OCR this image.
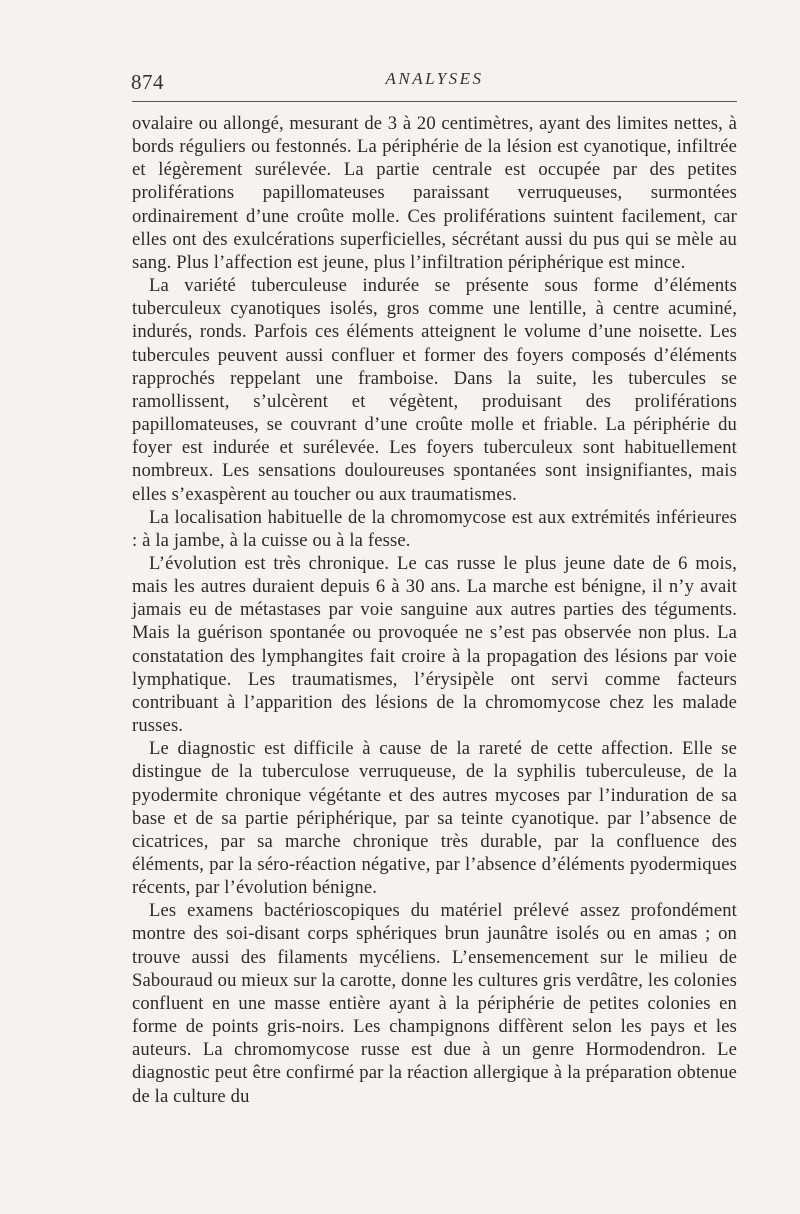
874	ANALYSES

ovalaire ou allongé, mesurant de 3 à 20 centimètres, ayant des limites nettes, à bords réguliers ou festonnés. La périphérie de la lésion est cyanotique, infiltrée et légèrement surélevée. La partie centrale est occupée par des petites proliférations papillomateuses paraissant verruqueuses, surmontées ordinairement d’une croûte molle. Ces proliférations suintent facilement, car elles ont des exulcérations superficielles, sécrétant aussi du pus qui se mèle au sang. Plus l’affection est jeune, plus l’infiltration périphérique est mince.

La variété tuberculeuse indurée se présente sous forme d’éléments tuberculeux cyanotiques isolés, gros comme une lentille, à centre acuminé, indurés, ronds. Parfois ces éléments atteignent le volume d’une noisette. Les tubercules peuvent aussi confluer et former des foyers composés d’éléments rapprochés reppelant une framboise. Dans la suite, les tubercules se ramollissent, s’ulcèrent et végètent, produisant des proliférations papillomateuses, se couvrant d’une croûte molle et friable. La périphérie du foyer est indurée et surélevée. Les foyers tuberculeux sont habituellement nombreux. Les sensations douloureuses spontanées sont insignifiantes, mais elles s’exaspèrent au toucher ou aux traumatismes.

La localisation habituelle de la chromomycose est aux extrémités inférieures : à la jambe, à la cuisse ou à la fesse.

L’évolution est très chronique. Le cas russe le plus jeune date de 6 mois, mais les autres duraient depuis 6 à 30 ans. La marche est bénigne, il n’y avait jamais eu de métastases par voie sanguine aux autres parties des téguments. Mais la guérison spontanée ou provoquée ne s’est pas observée non plus. La constatation des lymphangites fait croire à la propagation des lésions par voie lymphatique. Les traumatismes, l’érysipèle ont servi comme facteurs contribuant à l’apparition des lésions de la chromomycose chez les malade russes.

Le diagnostic est difficile à cause de la rareté de cette affection. Elle se distingue de la tuberculose verruqueuse, de la syphilis tuberculeuse, de la pyodermite chronique végétante et des autres mycoses par l’induration de sa base et de sa partie périphérique, par sa teinte cyanotique. par l’absence de cicatrices, par sa marche chronique très durable, par la confluence des éléments, par la séro-réaction négative, par l’absence d’éléments pyodermiques récents, par l’évolution bénigne.

Les examens bactérioscopiques du matériel prélevé assez profondément montre des soi-disant corps sphériques brun jaunâtre isolés ou en amas ; on trouve aussi des filaments mycéliens. L’ensemencement sur le milieu de Sabouraud ou mieux sur la carotte, donne les cultures gris verdâtre, les colonies confluent en une masse entière ayant à la périphérie de petites colonies en forme de points gris-noirs. Les champignons diffèrent selon les pays et les auteurs. La chromomycose russe est due à un genre Hormodendron. Le diagnostic peut être confirmé par la réaction allergique à la préparation obtenue de la culture du
